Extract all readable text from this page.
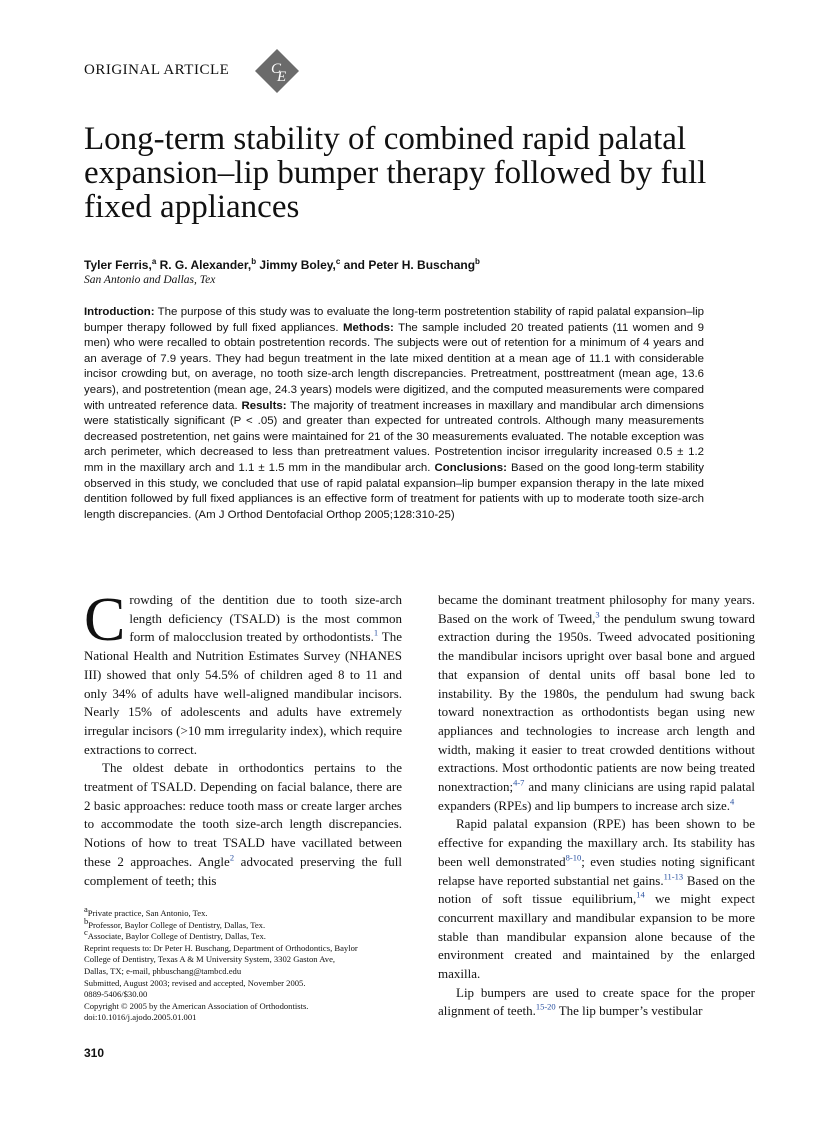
ORIGINAL ARTICLE	C
E
Long-term stability of combined rapid palatal expansion–lip bumper therapy followed by full fixed appliances
Tyler Ferris,$^a$ R. G. Alexander,$^b$ Jimmy Boley,$^c$ and Peter H. Buschang$^b$
San Antonio and Dallas, Tex
Introduction: The purpose of this study was to evaluate the long-term postretention stability of rapid palatal expansion–lip bumper therapy followed by full fixed appliances. Methods: The sample included 20 treated patients (11 women and 9 men) who were recalled to obtain postretention records. The subjects were out of retention for a minimum of 4 years and an average of 7.9 years. They had begun treatment in the late mixed dentition at a mean age of 11.1 with considerable incisor crowding but, on average, no tooth size-arch length discrepancies. Pretreatment, posttreatment (mean age, 13.6 years), and postretention (mean age, 24.3 years) models were digitized, and the computed measurements were compared with untreated reference data. Results: The majority of treatment increases in maxillary and mandibular arch dimensions were statistically significant (P < .05) and greater than expected for untreated controls. Although many measurements decreased postretention, net gains were maintained for 21 of the 30 measurements evaluated. The notable exception was arch perimeter, which decreased to less than pretreatment values. Postretention incisor irregularity increased 0.5 ± 1.2 mm in the maxillary arch and 1.1 ± 1.5 mm in the mandibular arch. Conclusions: Based on the good long-term stability observed in this study, we concluded that use of rapid palatal expansion–lip bumper expansion therapy in the late mixed dentition followed by full fixed appliances is an effective form of treatment for patients with up to moderate tooth size-arch length discrepancies. (Am J Orthod Dentofacial Orthop 2005;128:310-25)

Crowding of the dentition due to tooth size-arch length deficiency (TSALD) is the most common form of malocclusion treated by orthodontists.$^1$ The National Health and Nutrition Estimates Survey (NHANES III) showed that only 54.5% of children aged 8 to 11 and only 34% of adults have well-aligned mandibular incisors. Nearly 15% of adolescents and adults have extremely irregular incisors (>10 mm irregularity index), which require extractions to correct.

The oldest debate in orthodontics pertains to the treatment of TSALD. Depending on facial balance, there are 2 basic approaches: reduce tooth mass or create larger arches to accommodate the tooth size-arch length discrepancies. Notions of how to treat TSALD have vacillated between these 2 approaches. Angle$^2$ advocated preserving the full complement of teeth; this

became the dominant treatment philosophy for many years. Based on the work of Tweed,$^3$ the pendulum swung toward extraction during the 1950s. Tweed advocated positioning the mandibular incisors upright over basal bone and argued that expansion of dental units off basal bone led to instability. By the 1980s, the pendulum had swung back toward nonextraction as orthodontists began using new appliances and technologies to increase arch length and width, making it easier to treat crowded dentitions without extractions. Most orthodontic patients are now being treated nonextraction;$^{4-7}$ and many clinicians are using rapid palatal expanders (RPEs) and lip bumpers to increase arch size.$^4$

Rapid palatal expansion (RPE) has been shown to be effective for expanding the maxillary arch. Its stability has been well demonstrated$^{8-10}$; even studies noting significant relapse have reported substantial net gains.$^{11-13}$ Based on the notion of soft tissue equilibrium,$^{14}$ we might expect concurrent maxillary and mandibular expansion to be more stable than mandibular expansion alone because of the environment created and maintained by the enlarged maxilla.

Lip bumpers are used to create space for the proper alignment of teeth.$^{15-20}$ The lip bumper’s vestibular

aPrivate practice, San Antonio, Tex.
bProfessor, Baylor College of Dentistry, Dallas, Tex.
cAssociate, Baylor College of Dentistry, Dallas, Tex.
Reprint requests to: Dr Peter H. Buschang, Department of Orthodontics, Baylor
College of Dentistry, Texas A & M University System, 3302 Gaston Ave,
Dallas, TX; e-mail, phbuschang@tambcd.edu
Submitted, August 2003; revised and accepted, November 2005.
0889-5406/$30.00
Copyright © 2005 by the American Association of Orthodontists.
doi:10.1016/j.ajodo.2005.01.001
310
